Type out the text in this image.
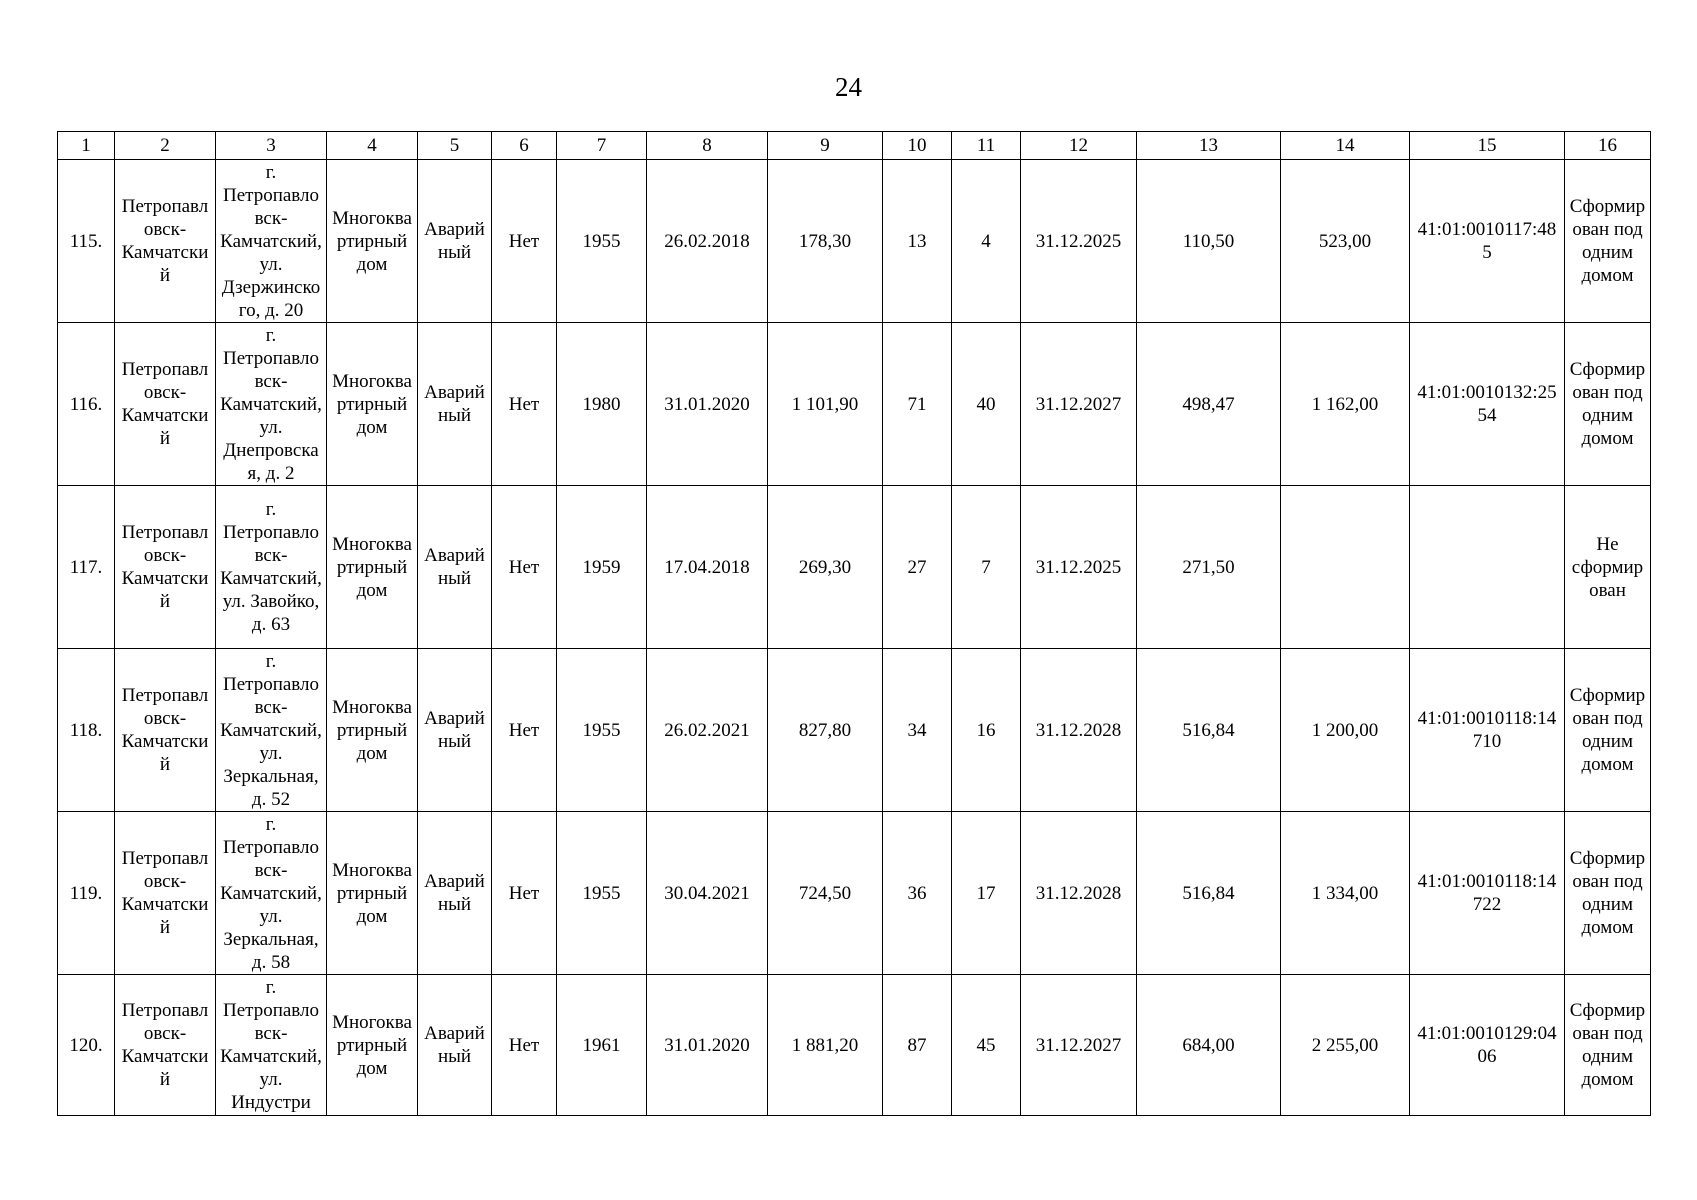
24
1	2	3	4	5	6	7	8	9	10	11	12	13	14	15	16
115.	Петропавловск-Камчатский	г. Петропавловск-Камчатский, ул. Дзержинского, д. 20	Многоквартирный дом	Аварийный	Нет	1955	26.02.2018	178,30	13	4	31.12.2025	110,50	523,00	41:01:0010117:485	Сформирован под одним домом
116.	Петропавловск-Камчатский	г. Петропавловск-Камчатский, ул. Днепровская, д. 2	Многоквартирный дом	Аварийный	Нет	1980	31.01.2020	1 101,90	71	40	31.12.2027	498,47	1 162,00	41:01:0010132:2554	Сформирован под одним домом
117.	Петропавловск-Камчатский	г. Петропавловск-Камчатский, ул. Завойко, д. 63	Многоквартирный дом	Аварийный	Нет	1959	17.04.2018	269,30	27	7	31.12.2025	271,50			Не сформирован
118.	Петропавловск-Камчатский	г. Петропавловск-Камчатский, ул. Зеркальная, д. 52	Многоквартирный дом	Аварийный	Нет	1955	26.02.2021	827,80	34	16	31.12.2028	516,84	1 200,00	41:01:0010118:14710	Сформирован под одним домом
119.	Петропавловск-Камчатский	г. Петропавловск-Камчатский, ул. Зеркальная, д. 58	Многоквартирный дом	Аварийный	Нет	1955	30.04.2021	724,50	36	17	31.12.2028	516,84	1 334,00	41:01:0010118:14722	Сформирован под одним домом
120.	Петропавловск-Камчатский	г. Петропавловск-Камчатский, ул. Индустри	Многоквартирный дом	Аварийный	Нет	1961	31.01.2020	1 881,20	87	45	31.12.2027	684,00	2 255,00	41:01:0010129:0406	Сформирован под одним домом
